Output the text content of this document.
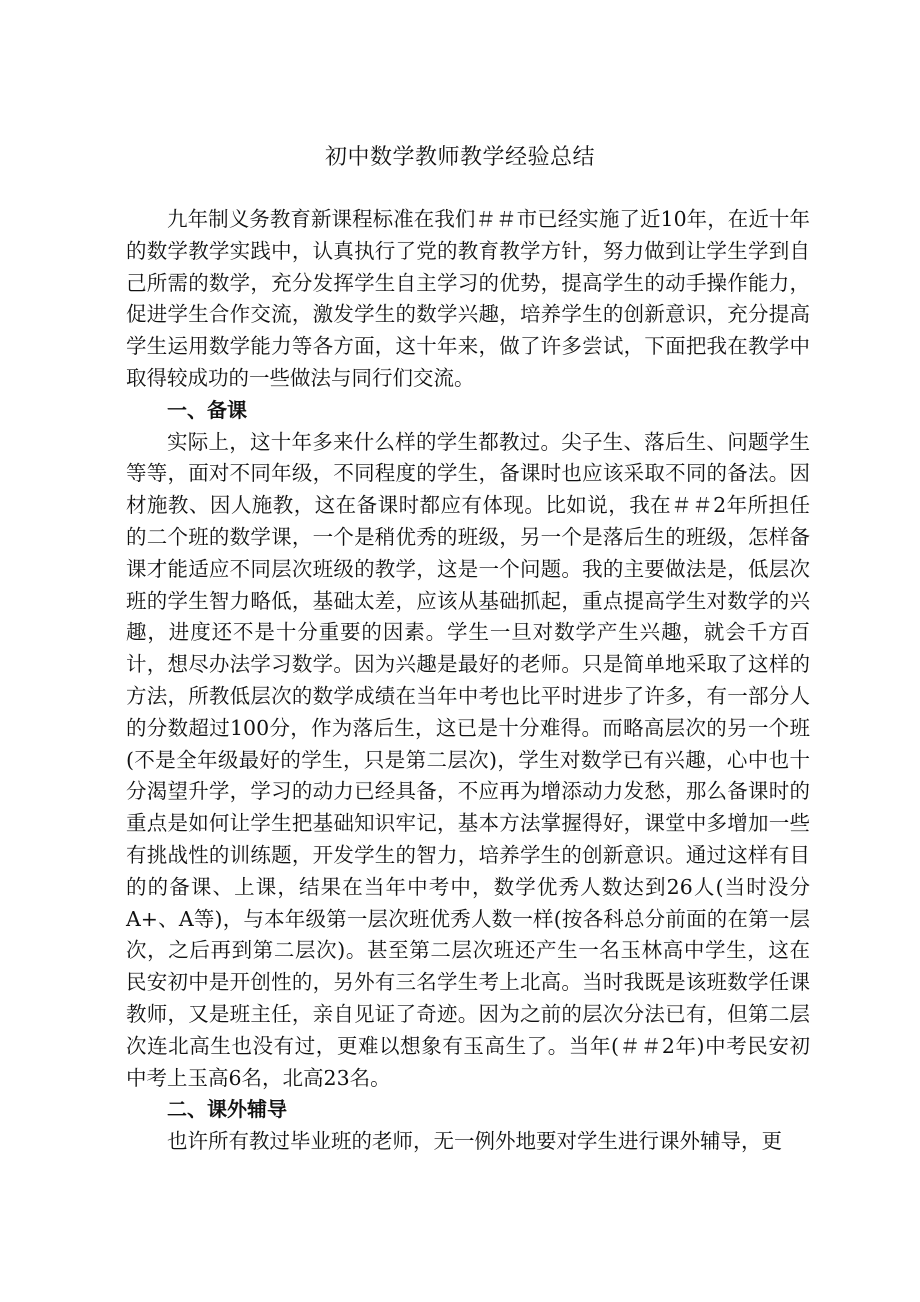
初中数学教师教学经验总结

九年制义务教育新课程标准在我们＃＃市已经实施了近10年，在近十年的数学教学实践中，认真执行了党的教育教学方针，努力做到让学生学到自己所需的数学，充分发挥学生自主学习的优势，提高学生的动手操作能力，促进学生合作交流，激发学生的数学兴趣，培养学生的创新意识，充分提高学生运用数学能力等各方面，这十年来，做了许多尝试，下面把我在教学中取得较成功的一些做法与同行们交流。

一、备课

实际上，这十年多来什么样的学生都教过。尖子生、落后生、问题学生等等，面对不同年级，不同程度的学生，备课时也应该采取不同的备法。因材施教、因人施教，这在备课时都应有体现。比如说，我在＃＃2年所担任的二个班的数学课，一个是稍优秀的班级，另一个是落后生的班级，怎样备课才能适应不同层次班级的教学，这是一个问题。我的主要做法是，低层次班的学生智力略低，基础太差，应该从基础抓起，重点提高学生对数学的兴趣，进度还不是十分重要的因素。学生一旦对数学产生兴趣，就会千方百计，想尽办法学习数学。因为兴趣是最好的老师。只是简单地采取了这样的方法，所教低层次的数学成绩在当年中考也比平时进步了许多，有一部分人的分数超过100分，作为落后生，这已是十分难得。而略高层次的另一个班(不是全年级最好的学生，只是第二层次)，学生对数学已有兴趣，心中也十分渴望升学，学习的动力已经具备，不应再为增添动力发愁，那么备课时的重点是如何让学生把基础知识牢记，基本方法掌握得好，课堂中多增加一些有挑战性的训练题，开发学生的智力，培养学生的创新意识。通过这样有目的的备课、上课，结果在当年中考中，数学优秀人数达到26人(当时没分A+、A等)，与本年级第一层次班优秀人数一样(按各科总分前面的在第一层次，之后再到第二层次)。甚至第二层次班还产生一名玉林高中学生，这在民安初中是开创性的，另外有三名学生考上北高。当时我既是该班数学任课教师，又是班主任，亲自见证了奇迹。因为之前的层次分法已有，但第二层次连北高生也没有过，更难以想象有玉高生了。当年(＃＃2年)中考民安初中考上玉高6名，北高23名。

二、课外辅导

也许所有教过毕业班的老师，无一例外地要对学生进行课外辅导，更
